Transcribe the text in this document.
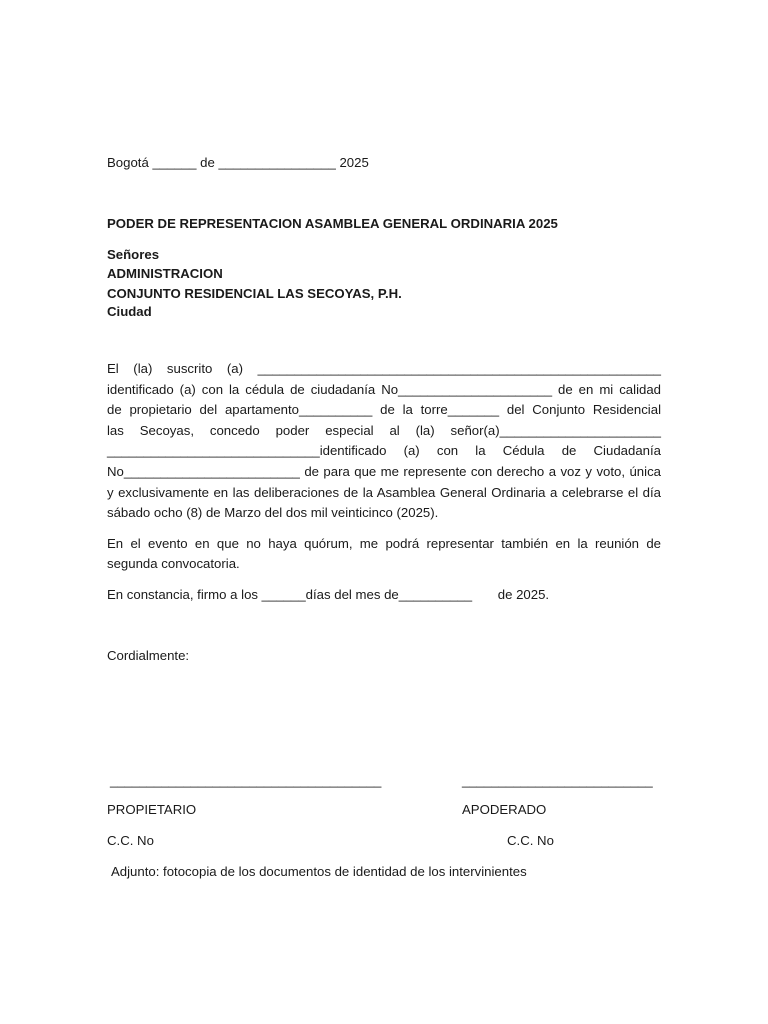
Bogotá ______ de ________________ 2025
PODER DE REPRESENTACION ASAMBLEA GENERAL ORDINARIA 2025
Señores
ADMINISTRACION
CONJUNTO RESIDENCIAL LAS SECOYAS, P.H.
Ciudad
El (la) suscrito (a) _______________________________________________________
identificado (a) con la cédula de ciudadanía No_____________________ de en mi calidad
de propietario del apartamento__________ de la torre_______ del Conjunto Residencial
las Secoyas, concedo poder especial al (la) señor(a)______________________
_____________________________identificado (a) con la Cédula de Ciudadanía
No________________________ de para que me represente con derecho a voz y voto, única
y exclusivamente en las deliberaciones de la Asamblea General Ordinaria a celebrarse el día
sábado ocho (8) de Marzo del dos mil veinticinco (2025).
En el evento en que no haya quórum, me podrá representar también en la reunión de
segunda convocatoria.
En constancia, firmo a los ______días del mes de__________       de 2025.
Cordialmente:
_____________________________________	__________________________
PROPIETARIO	APODERADO
C.C. No	C.C. No
Adjunto: fotocopia de los documentos de identidad de los intervinientes
